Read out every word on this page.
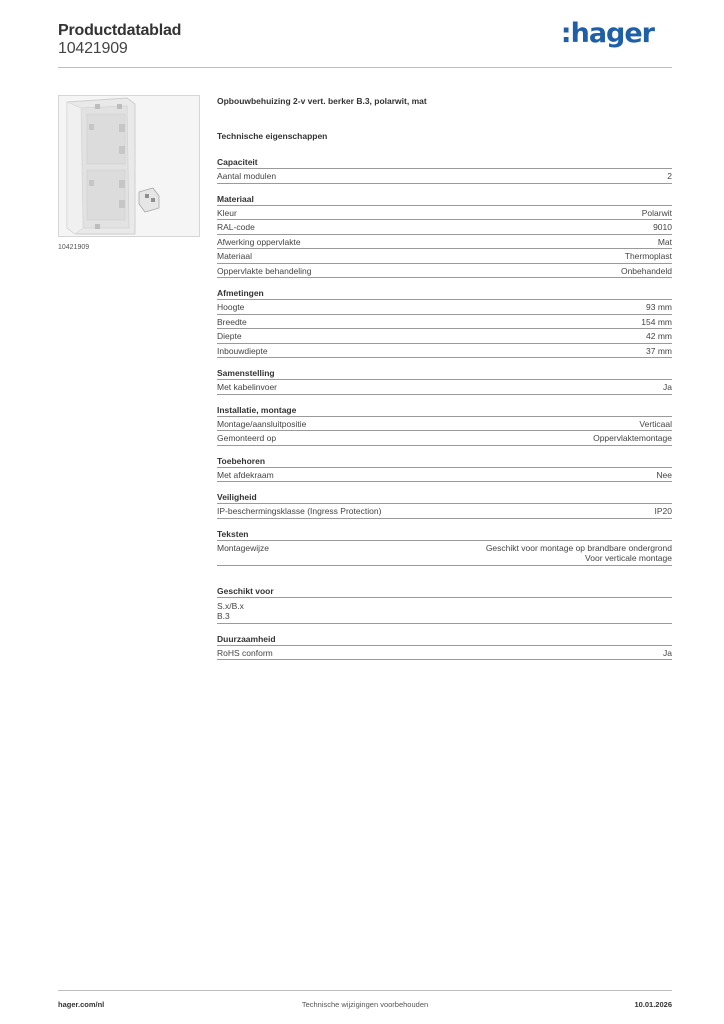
Productdatablad
10421909	:hager
10421909
Opbouwbehuizing 2-v vert. berker B.3, polarwit, mat
Technische eigenschappen
Capaciteit
Aantal modulen	2
Materiaal
Kleur	Polarwit
RAL-code	9010
Afwerking oppervlakte	Mat
Materiaal	Thermoplast
Oppervlakte behandeling	Onbehandeld
Afmetingen
Hoogte	93 mm
Breedte	154 mm
Diepte	42 mm
Inbouwdiepte	37 mm
Samenstelling
Met kabelinvoer	Ja
Installatie, montage
Montage/aansluitpositie	Verticaal
Gemonteerd op	Oppervlaktemontage
Toebehoren
Met afdekraam	Nee
Veiligheid
IP-beschermingsklasse (Ingress Protection)	IP20
Teksten
Montagewijze	Geschikt voor montage op brandbare ondergrond
Voor verticale montage
Geschikt voor
S.x/B.x
B.3
Duurzaamheid
RoHS conform	Ja
hager.com/nl	Technische wijzigingen voorbehouden	10.01.2026
